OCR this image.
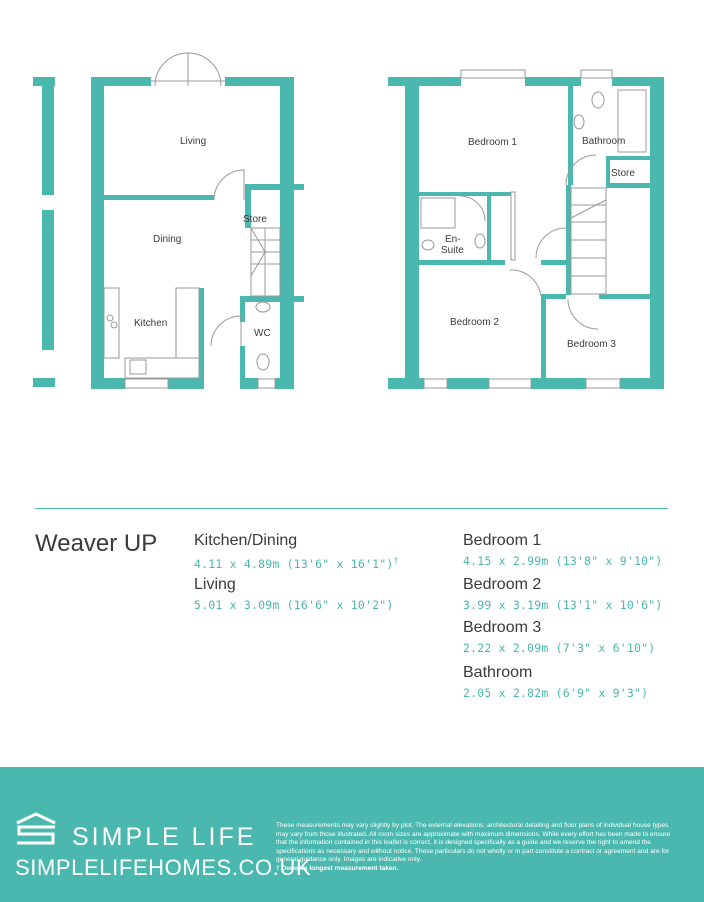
Living
Dining
Store
Kitchen
WC
Bedroom 1	Bathroom
Store
En-
Suite
Bedroom 2
Bedroom 3
Weaver UP Kitchen/Dining
4.11 x 4.89m (13'6" x 16'1")†
Living
5.01 x 3.09m (16'6" x 10'2")
Bedroom 1
4.15 x 2.99m (13'8" x 9'10")
Bedroom 2
3.99 x 3.19m (13'1" x 10'6")
Bedroom 3
2.22 x 2.09m (7'3" x 6'10")
Bathroom
2.05 x 2.82m (6'9" x 9'3")
SIMPLE LIFE
SIMPLELIFEHOMES.CO.UK
These measurements may vary slightly by plot. The external elevations, architectural detailing and floor plans of individual house types may vary from those illustrated. All room sizes are approximate with maximum dimensions. While every effort has been made to ensure that the information contained in this leaflet is correct, it is designed specifically as a guide and we reserve the right to amend the specifications as necessary and without notice. These particulars do not wholly or in part constitute a contract or agreement and are for general guidance only. Images are indicative only.
† Denotes longest measurement taken.
